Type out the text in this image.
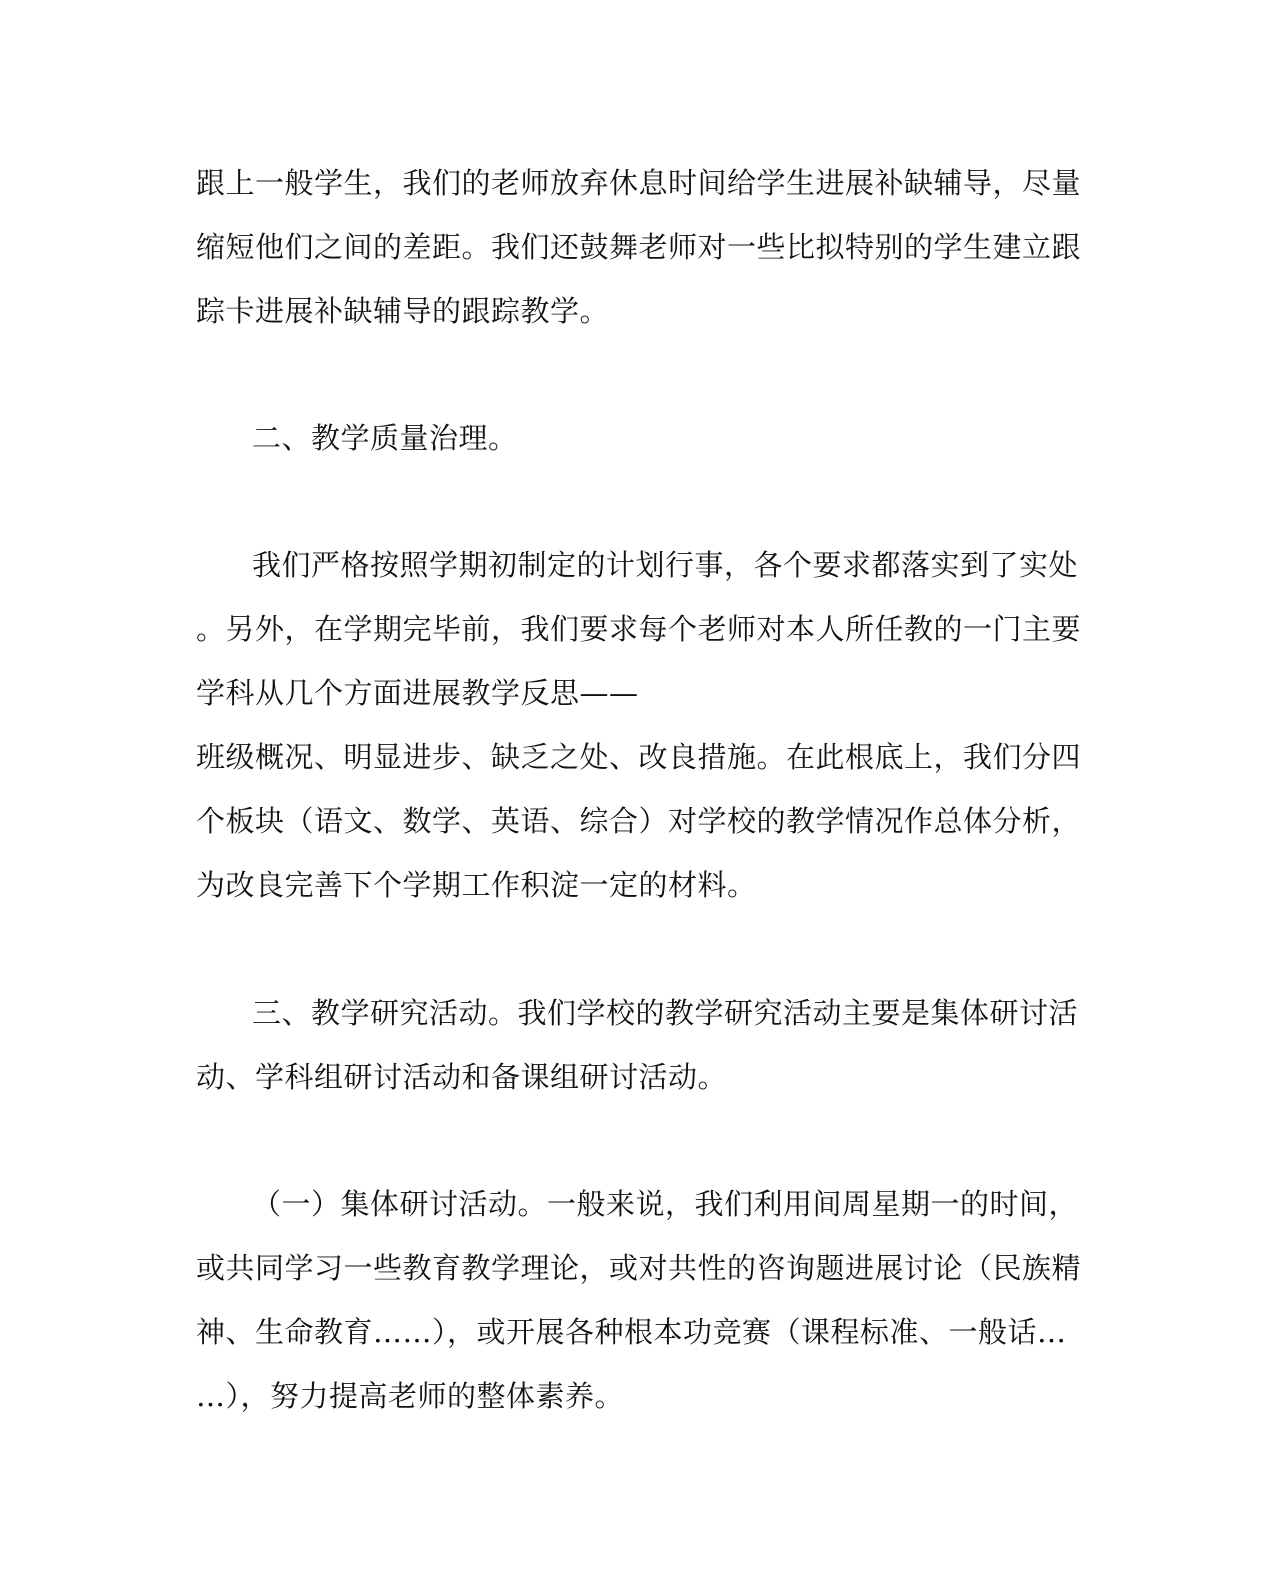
跟上一般学生，我们的老师放弃休息时间给学生进展补缺辅导，尽量
缩短他们之间的差距。我们还鼓舞老师对一些比拟特别的学生建立跟
踪卡进展补缺辅导的跟踪教学。
二、教学质量治理。
我们严格按照学期初制定的计划行事，各个要求都落实到了实处
。另外，在学期完毕前，我们要求每个老师对本人所任教的一门主要
学科从几个方面进展教学反思——
班级概况、明显进步、缺乏之处、改良措施。在此根底上，我们分四
个板块（语文、数学、英语、综合）对学校的教学情况作总体分析，
为改良完善下个学期工作积淀一定的材料。
三、教学研究活动。我们学校的教学研究活动主要是集体研讨活
动、学科组研讨活动和备课组研讨活动。
（一）集体研讨活动。一般来说，我们利用间周星期一的时间，
或共同学习一些教育教学理论，或对共性的咨询题进展讨论（民族精
神、生命教育……），或开展各种根本功竞赛（课程标准、一般话…
…），努力提高老师的整体素养。
